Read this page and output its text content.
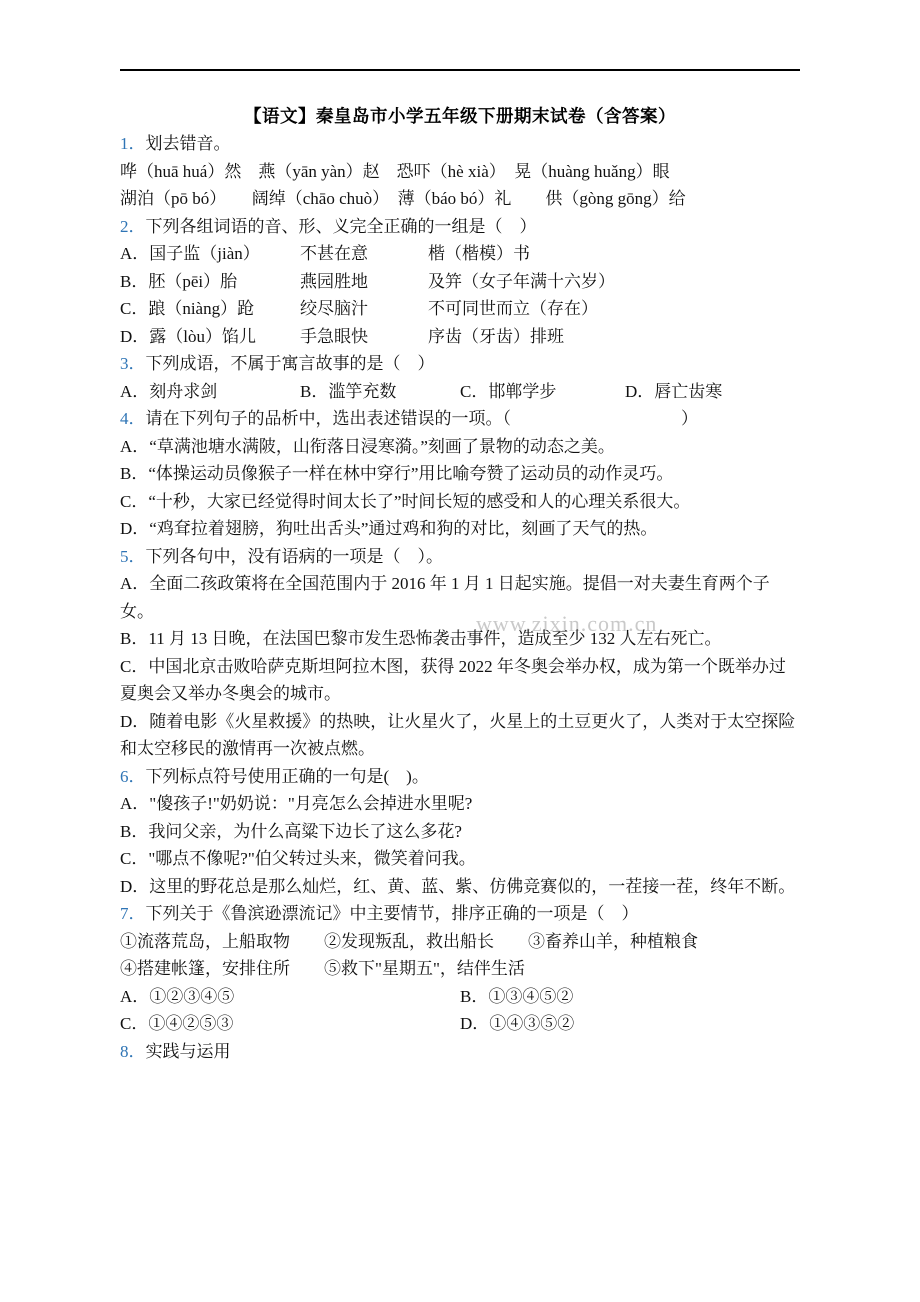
【语文】秦皇岛市小学五年级下册期末试卷（含答案）
www.zixin.com.cn
1．划去错音。
哗（huā huá）然　燕（yān yàn）赵　恐吓（hè xià）　晃（huàng huǎng）眼
湖泊（pō bó）　　阔绰（chāo chuò）　薄（báo bó）礼　　供（gòng gōng）给
2．下列各组词语的音、形、义完全正确的一组是（　）
A．国子监（jiàn）	不甚在意	楷（楷模）书
B．胚（pēi）胎	燕园胜地	及笄（女子年满十六岁）
C．踉（niàng）跄	绞尽脑汁	不可同世而立（存在）
D．露（lòu）馅儿	手急眼快	序齿（牙齿）排班
3．下列成语，不属于寓言故事的是（　）
A．刻舟求剑	B．滥竽充数	C．邯郸学步	D．唇亡齿寒
4．请在下列句子的品析中，选出表述错误的一项。（　　　　　　　　　　）
A．“草满池塘水满陂，山衔落日浸寒漪。”刻画了景物的动态之美。
B．“体操运动员像猴子一样在林中穿行”用比喻夸赞了运动员的动作灵巧。
C．“十秒，大家已经觉得时间太长了”时间长短的感受和人的心理关系很大。
D．“鸡耷拉着翅膀，狗吐出舌头”通过鸡和狗的对比，刻画了天气的热。
5．下列各句中，没有语病的一项是（　）。
A．全面二孩政策将在全国范围内于 2016 年 1 月 1 日起实施。提倡一对夫妻生育两个子女。
B．11 月 13 日晚，在法国巴黎市发生恐怖袭击事件，造成至少 132 人左右死亡。
C．中国北京击败哈萨克斯坦阿拉木图，获得 2022 年冬奥会举办权，成为第一个既举办过夏奥会又举办冬奥会的城市。
D．随着电影《火星救援》的热映，让火星火了，火星上的土豆更火了，人类对于太空探险和太空移民的激情再一次被点燃。
6．下列标点符号使用正确的一句是(　)。
A．"傻孩子!"奶奶说："月亮怎么会掉进水里呢?
B．我问父亲，为什么高粱下边长了这么多花?
C．"哪点不像呢?"伯父转过头来，微笑着问我。
D．这里的野花总是那么灿烂，红、黄、蓝、紫、仿佛竞赛似的，一茬接一茬，终年不断。
7．下列关于《鲁滨逊漂流记》中主要情节，排序正确的一项是（　）
①流落荒岛，上船取物　　②发现叛乱，救出船长　　③畜养山羊，种植粮食
④搭建帐篷，安排住所　　⑤救下"星期五"，结伴生活
A．①②③④⑤	B．①③④⑤②
C．①④②⑤③	D．①④③⑤②
8．实践与运用
